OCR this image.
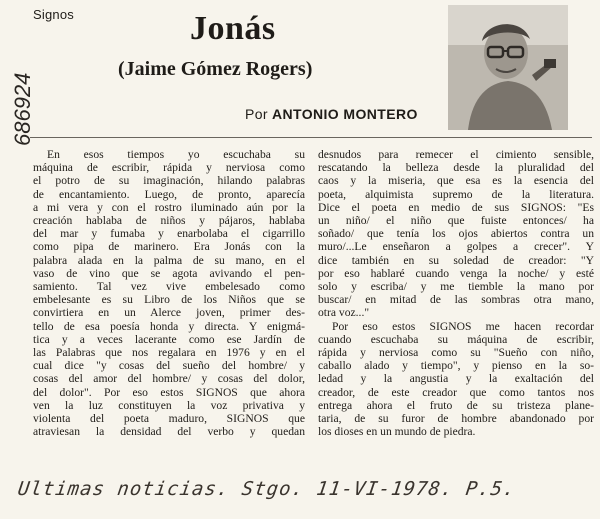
Signos
686924
Jonás
(Jaime Gómez Rogers)
Por ANTONIO MONTERO
En esos tiempos yo escuchaba su
máquina de escribir, rápida y nerviosa como
el potro de su imaginación, hilando palabras
de encantamiento. Luego, de pronto, aparecía
a mi vera y con el rostro iluminado aún por la
creación hablaba de niños y pájaros, hablaba
del mar y fumaba y enarbolaba el cigarrillo
como pipa de marinero. Era Jonás con la
palabra alada en la palma de su mano, en el
vaso de vino que se agota avivando el pen-
samiento. Tal vez vive embelesado como
embelesante es su Libro de los Niños que se
convirtiera en un Alerce joven, primer des-
tello de esa poesía honda y directa. Y enigmá-
tica y a veces lacerante como ese Jardín de
las Palabras que nos regalara en 1976 y en el
cual dice "y cosas del sueño del hombre/ y
cosas del amor del hombre/ y cosas del dolor,
del dolor". Por eso estos SIGNOS que ahora
ven la luz constituyen la voz privativa y
violenta del poeta maduro, SIGNOS que
atraviesan la densidad del verbo y quedan
desnudos para remecer el cimiento sensible,
rescatando la belleza desde la pluralidad del
caos y la miseria, que esa es la esencia del
poeta, alquimista supremo de la literatura.
Dice el poeta en medio de sus SIGNOS: "Es
un niño/ el niño que fuiste entonces/ ha
soñado/ que tenía los ojos abiertos contra un
muro/...Le enseñaron a golpes a crecer". Y
dice también en su soledad de creador: "Y
por eso hablaré cuando venga la noche/ y esté
solo y escriba/ y me tiemble la mano por
buscar/ en mitad de las sombras otra mano,
otra voz..."
Por eso estos SIGNOS me hacen recordar
cuando escuchaba su máquina de escribir,
rápida y nerviosa como su "Sueño con niño,
caballo alado y tiempo", y pienso en la so-
ledad y la angustia y la exaltación del
creador, de este creador que como tantos nos
entrega ahora el fruto de su tristeza plane-
taria, de su furor de hombre abandonado por
los dioses en un mundo de piedra.
Ultimas noticias. Stgo. 11-VI-1978. P.5.
